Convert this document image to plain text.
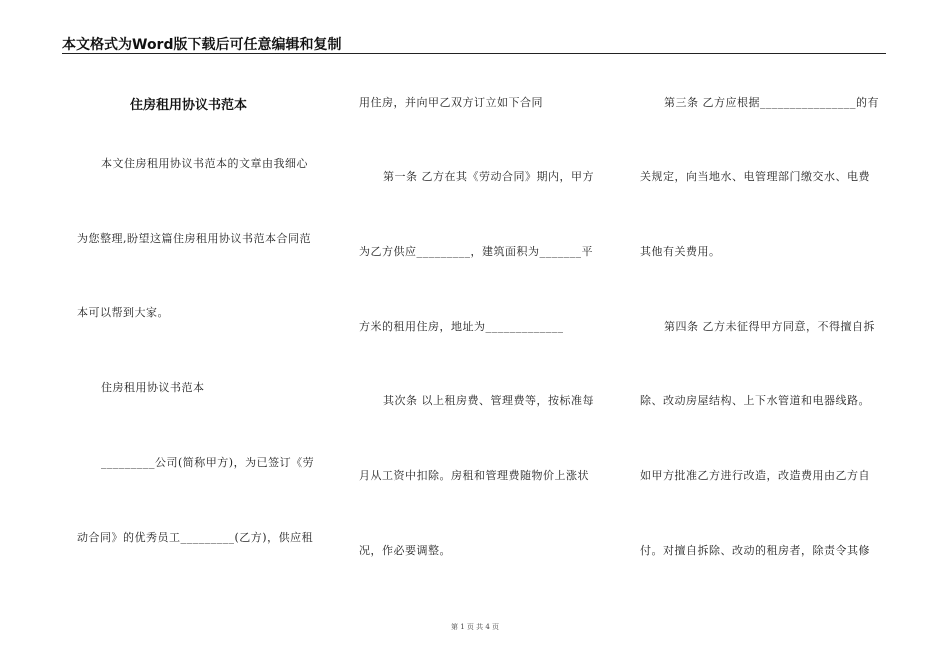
本文格式为Word版下载后可任意编辑和复制
住房租用协议书范本
本文住房租用协议书范本的文章由我细心
为您整理,盼望这篇住房租用协议书范本合同范
本可以帮到大家。
住房租用协议书范本
_________公司(简称甲方)，为已签订《劳
动合同》的优秀员工_________(乙方)，供应租
用住房，并向甲乙双方订立如下合同
第一条 乙方在其《劳动合同》期内，甲方
为乙方供应_________，建筑面积为_______平
方米的租用住房，地址为_____________
其次条 以上租房费、管理费等，按标准每
月从工资中扣除。房租和管理费随物价上涨状
况，作必要调整。
第三条 乙方应根据________________的有
关规定，向当地水、电管理部门缴交水、电费
其他有关费用。
第四条 乙方未征得甲方同意，不得擅自拆
除、改动房屋结构、上下水管道和电器线路。
如甲方批准乙方进行改造，改造费用由乙方自
付。对擅自拆除、改动的租房者，除责令其修
第 1 页 共 4 页
